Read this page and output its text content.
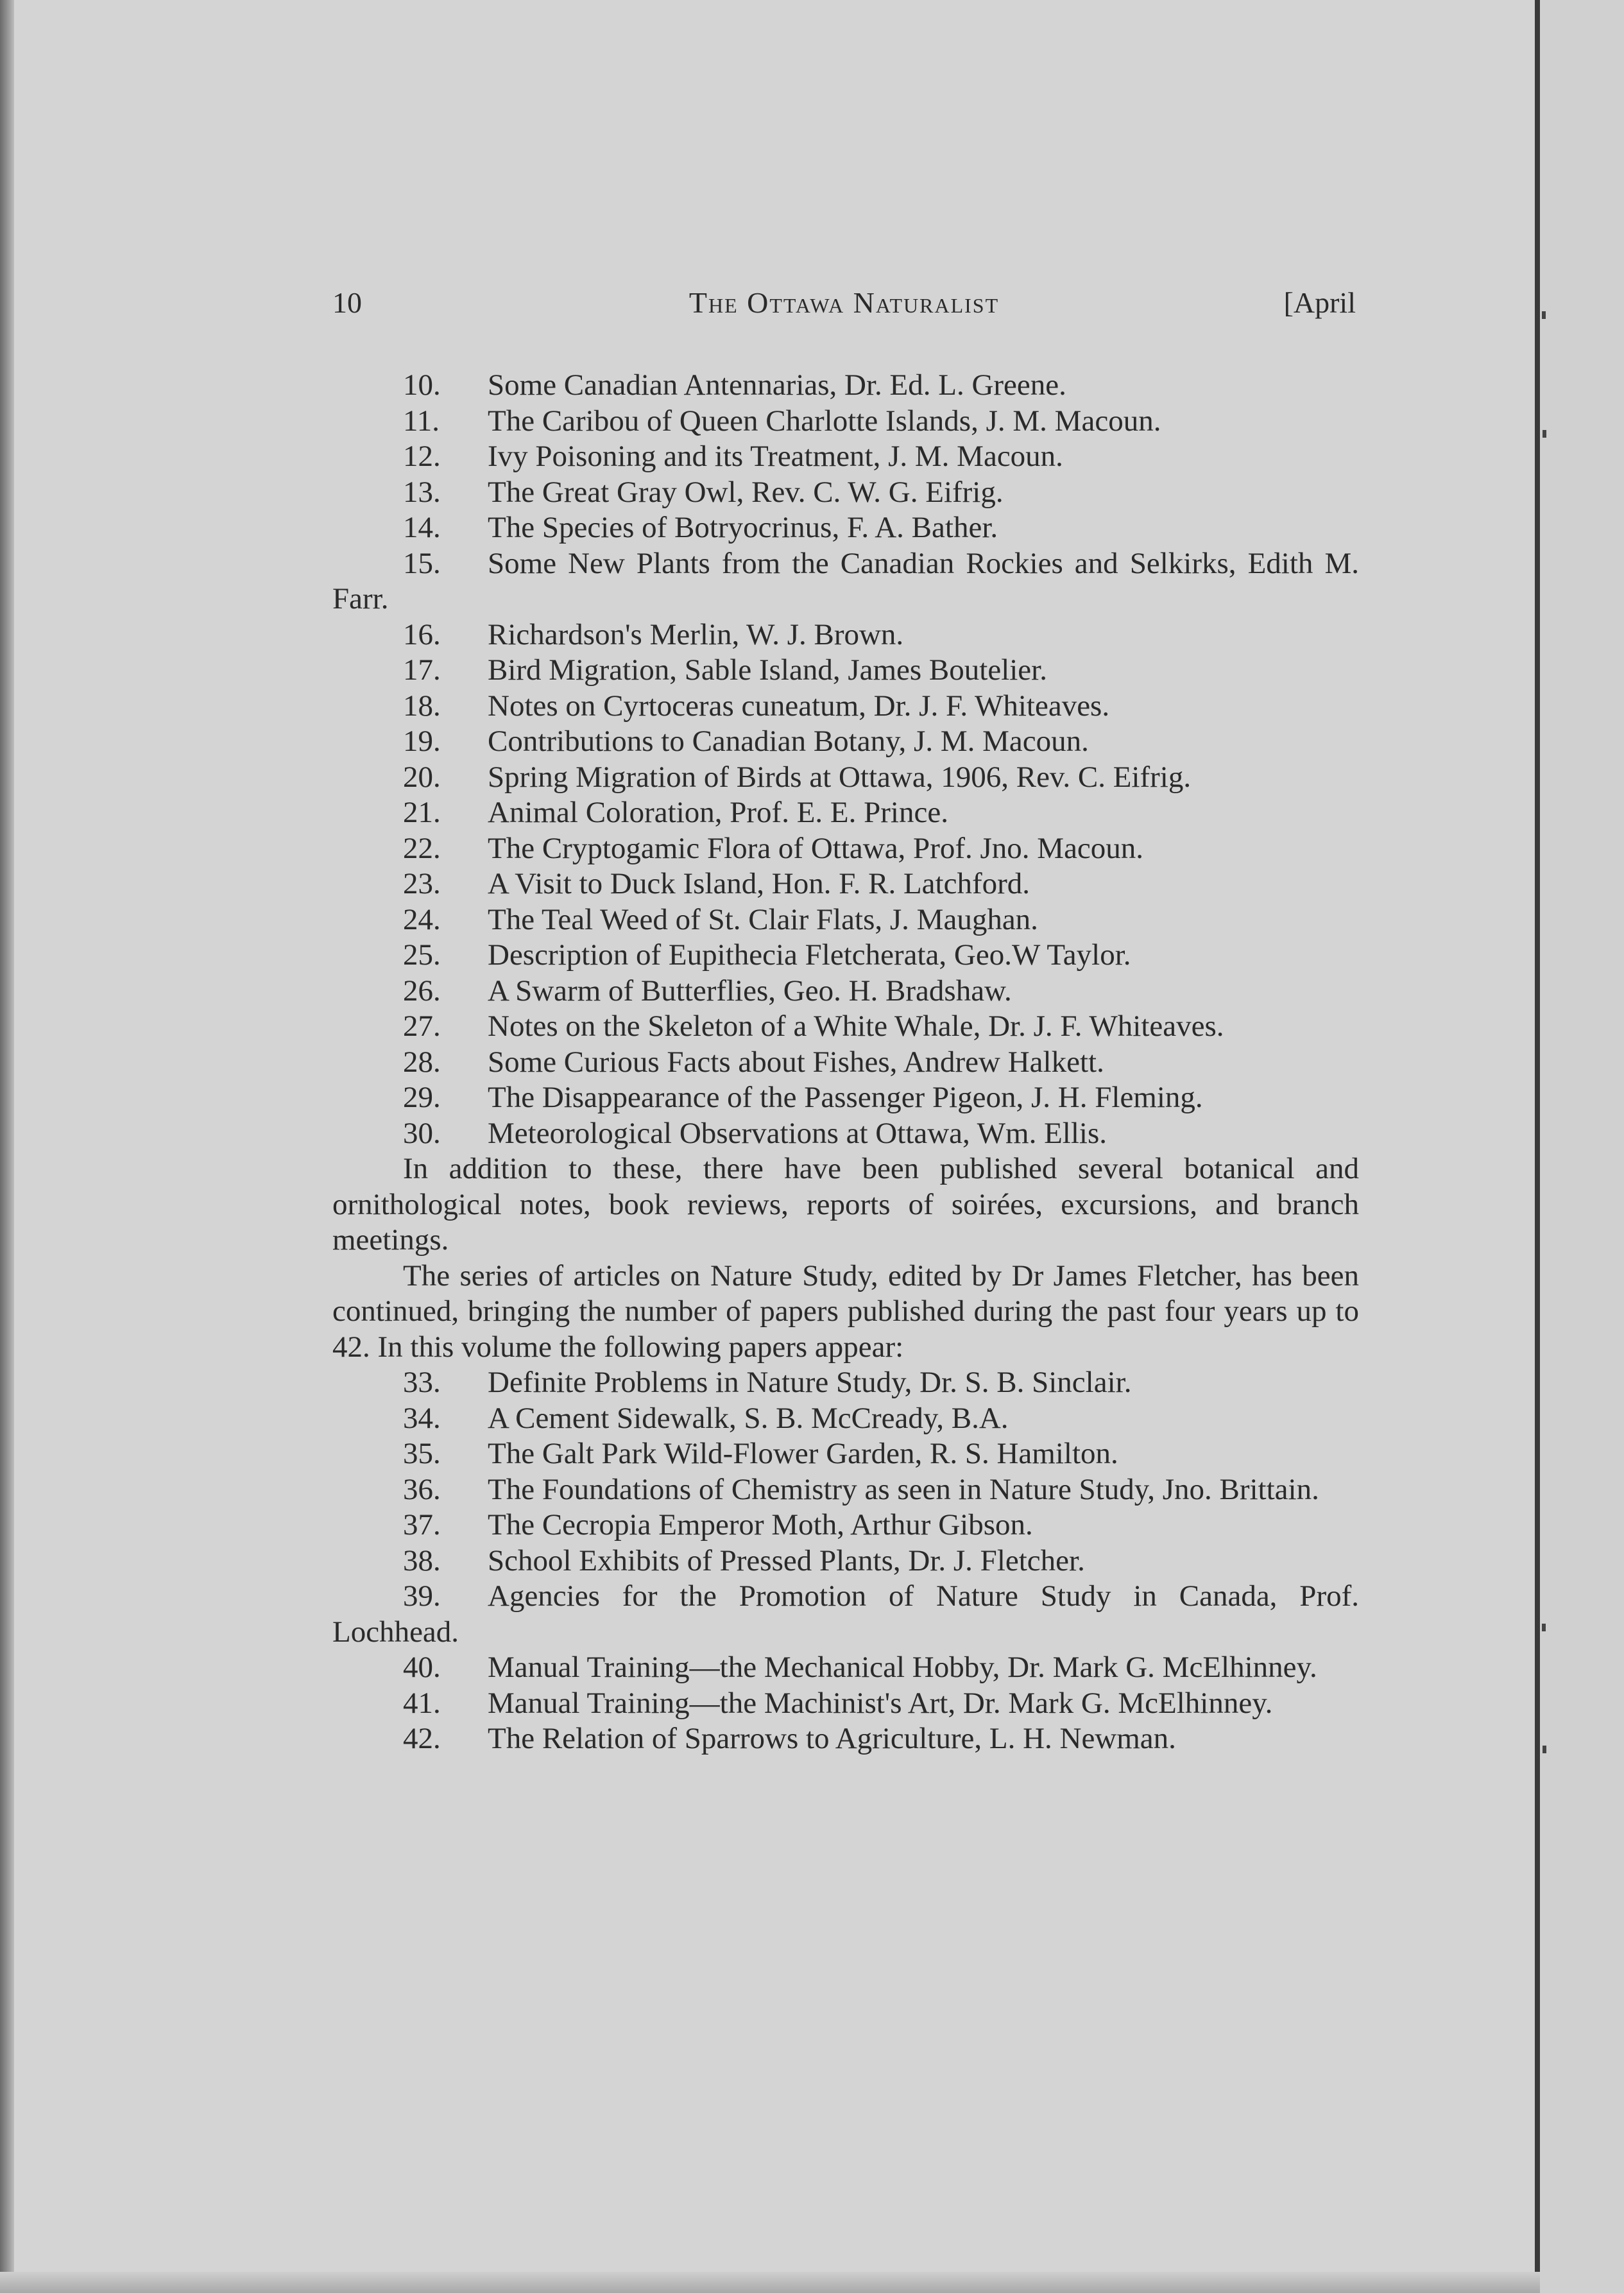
10	The Ottawa Naturalist	[April

10. Some Canadian Antennarias, Dr. Ed. L. Greene.

11. The Caribou of Queen Charlotte Islands, J. M. Macoun.

12. Ivy Poisoning and its Treatment, J. M. Macoun.

13. The Great Gray Owl, Rev. C. W. G. Eifrig.

14. The Species of Botryocrinus, F. A. Bather.

15. Some New Plants from the Canadian Rockies and Selkirks, Edith M. Farr.

16. Richardson's Merlin, W. J. Brown.

17. Bird Migration, Sable Island, James Boutelier.

18. Notes on Cyrtoceras cuneatum, Dr. J. F. Whiteaves.

19. Contributions to Canadian Botany, J. M. Macoun.

20. Spring Migration of Birds at Ottawa, 1906, Rev. C. Eifrig.

21. Animal Coloration, Prof. E. E. Prince.

22. The Cryptogamic Flora of Ottawa, Prof. Jno. Macoun.

23. A Visit to Duck Island, Hon. F. R. Latchford.

24. The Teal Weed of St. Clair Flats, J. Maughan.

25. Description of Eupithecia Fletcherata, Geo.W Taylor.

26. A Swarm of Butterflies, Geo. H. Bradshaw.

27. Notes on the Skeleton of a White Whale, Dr. J. F. Whiteaves.

28. Some Curious Facts about Fishes, Andrew Halkett.

29. The Disappearance of the Passenger Pigeon, J. H. Fleming.

30. Meteorological Observations at Ottawa, Wm. Ellis.

In addition to these, there have been published several botanical and ornithological notes, book reviews, reports of soirées, excursions, and branch meetings.

The series of articles on Nature Study, edited by Dr James Fletcher, has been continued, bringing the number of papers published during the past four years up to 42. In this volume the following papers appear:

33. Definite Problems in Nature Study, Dr. S. B. Sinclair.

34. A Cement Sidewalk, S. B. McCready, B.A.

35. The Galt Park Wild-Flower Garden, R. S. Hamilton.

36. The Foundations of Chemistry as seen in Nature Study, Jno. Brittain.

37. The Cecropia Emperor Moth, Arthur Gibson.

38. School Exhibits of Pressed Plants, Dr. J. Fletcher.

39. Agencies for the Promotion of Nature Study in Canada, Prof. Lochhead.

40. Manual Training—the Mechanical Hobby, Dr. Mark G. McElhinney.

41. Manual Training—the Machinist's Art, Dr. Mark G. McElhinney.

42. The Relation of Sparrows to Agriculture, L. H. Newman.
